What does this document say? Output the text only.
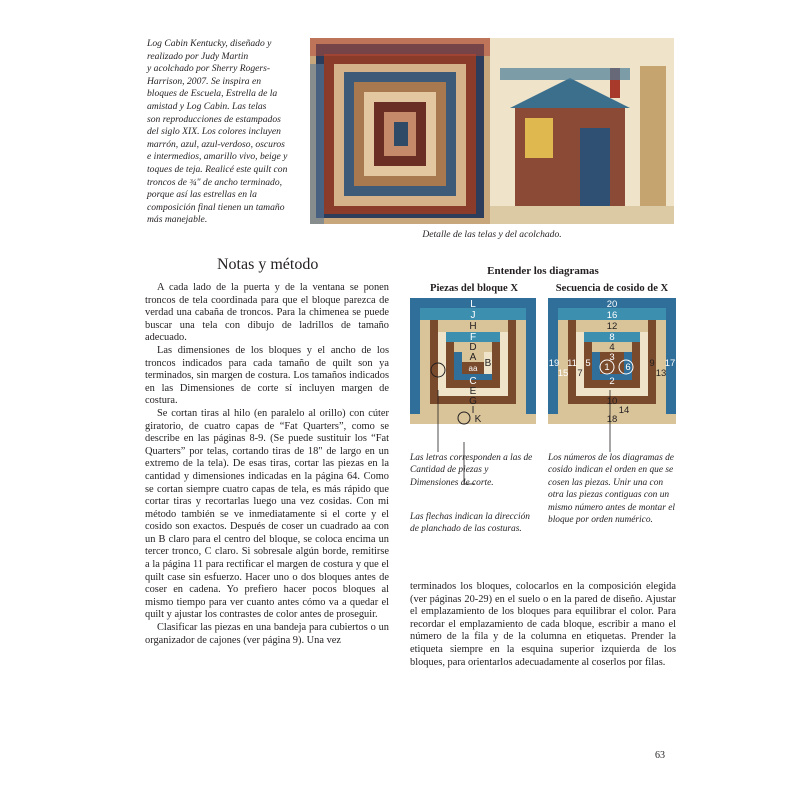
Log Cabin Kentucky, diseñado y

realizado por Judy Martin

y acolchado por Sherry Rogers-

Harrison, 2007. Se inspira en

bloques de Escuela, Estrella de la

amistad y Log Cabin. Las telas

son reproducciones de estampados

del siglo XIX. Los colores incluyen

marrón, azul, azul-verdoso, oscuros

e intermedios, amarillo vivo, beige y

toques de teja. Realicé este quilt con

troncos de ¾" de ancho terminado,

porque así las estrellas en la

composición final tienen un tamaño

más manejable.

Detalle de las telas y del acolchado.
Notas y método

A cada lado de la puerta y de la ventana se ponen troncos de tela coordinada para que el bloque parezca de verdad una cabaña de troncos. Para la chimenea se puede buscar una tela con dibujo de ladrillos de tamaño adecuado.

Las dimensiones de los bloques y el ancho de los troncos indicados para cada tamaño de quilt son ya terminados, sin margen de costura. Los tamaños indicados en las Dimensiones de corte sí incluyen margen de costura.

Se cortan tiras al hilo (en paralelo al orillo) con cúter giratorio, de cuatro capas de “Fat Quarters”, como se describe en las páginas 8-9. (Se puede sustituir los “Fat Quarters” por telas, cortando tiras de 18" de largo en un extremo de la tela). De esas tiras, cortar las piezas en la cantidad y dimensiones indicadas en la página 64. Como se cortan siempre cuatro capas de tela, es más rápido que cortar tiras y recortarlas luego una vez cosidas. Con mi método también se ve inmediatamente si el corte y el cosido son exactos. Después de coser un cuadrado aa con un B claro para el centro del bloque, se coloca encima un tercer tronco, C claro. Si sobresale algún borde, remitirse a la página 11 para rectificar el margen de costura y que el quilt case sin esfuerzo. Hacer uno o dos bloques antes de coser en cadena. Yo prefiero hacer pocos bloques al mismo tiempo para ver cuanto antes cómo va a quedar el quilt y ajustar los contrastes de color antes de proseguir.

Clasificar las piezas en una bandeja para cubiertos o un organizador de cajones (ver página 9). Una vez

Entender los diagramas
Piezas del bloque X	Secuencia de cosido de X
L
J
H
F
D
B
A
aa
C
E
G
I
K
20
16
12
8
4
3
1
2
10
14
18
19	17
15	13
11	9
7
5	6
Las letras corresponden a las de Cantidad de piezas y Dimensiones de corte.
Las flechas indican la dirección de planchado de las costuras.
Los números de los diagramas de cosido indican el orden en que se cosen las piezas. Unir una con otra las piezas contiguas con un mismo número antes de montar el bloque por orden numérico.

terminados los bloques, colocarlos en la composición elegida (ver páginas 20-29) en el suelo o en la pared de diseño. Ajustar el emplazamiento de los bloques para equilibrar el color. Para recordar el emplazamiento de cada bloque, escribir a mano el número de la fila y de la columna en etiquetas. Prender la etiqueta siempre en la esquina superior izquierda de los bloques, para orientarlos adecuadamente al coserlos por filas.

63
